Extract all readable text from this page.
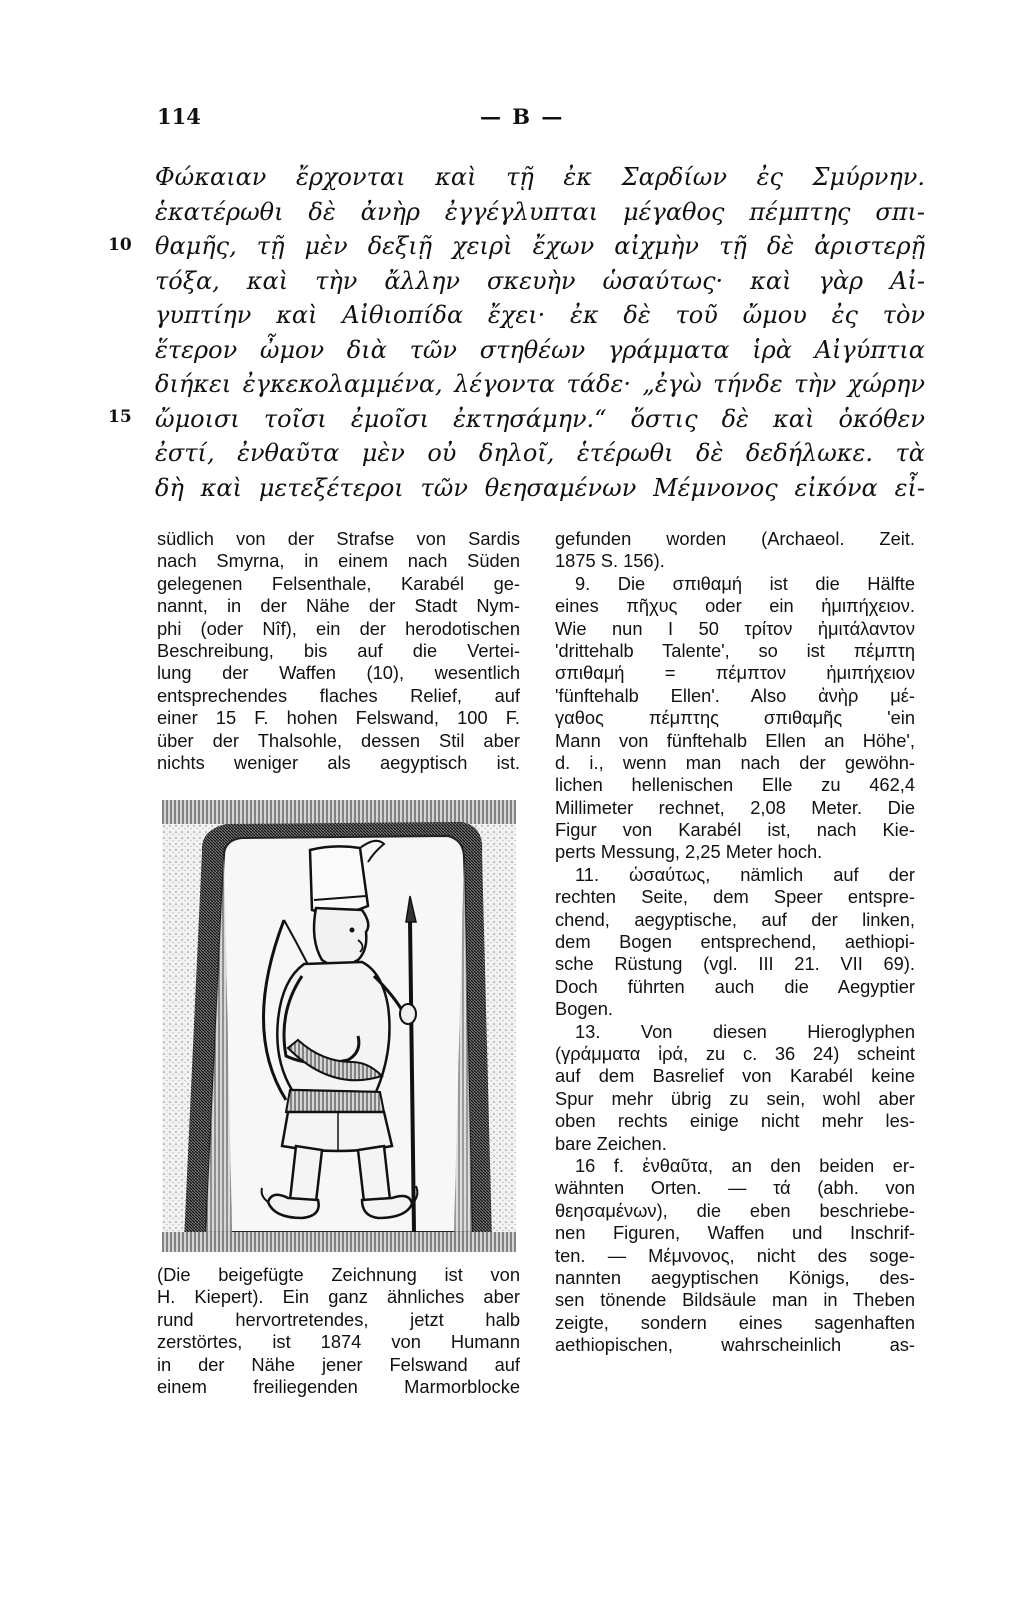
114	— B —
Φώκαιαν ἔρχονται καὶ τῇ ἐκ Σαρδίων ἐς Σμύρνην.
ἑκατέρωθι δὲ ἀνὴρ ἐγγέγλυπται μέγαθος πέμπτης σπι-
θαμῆς, τῇ μὲν δεξιῇ χειρὶ ἔχων αἰχμὴν τῇ δὲ ἀριστερῇ
τόξα, καὶ τὴν ἄλλην σκευὴν ὡσαύτως· καὶ γὰρ Αἰ-
γυπτίην καὶ Αἰθιοπίδα ἔχει· ἐκ δὲ τοῦ ὤμου ἐς τὸν
ἕτερον ὦμον διὰ τῶν στηθέων γράμματα ἱρὰ Αἰγύπτια
διήκει ἐγκεκολαμμένα, λέγοντα τάδε· „ἐγὼ τήνδε τὴν χώρην
ὤμοισι τοῖσι ἐμοῖσι ἐκτησάμην.“ ὅστις δὲ καὶ ὁκόθεν
ἐστί, ἐνθαῦτα μὲν οὐ δηλοῖ, ἑτέρωθι δὲ δεδήλωκε. τὰ
δὴ καὶ μετεξέτεροι τῶν θεησαμένων Μέμνονος εἰκόνα εἶ-
10
15
südlich von der Strafse von Sardis
nach Smyrna, in einem nach Süden
gelegenen Felsenthale, Karabél ge-
nannt, in der Nähe der Stadt Nym-
phi (oder Nîf), ein der herodotischen
Beschreibung, bis auf die Vertei-
lung der Waffen (10), wesentlich
entsprechendes flaches Relief, auf
einer 15 F. hohen Felswand, 100 F.
über der Thalsohle, dessen Stil aber
nichts weniger als aegyptisch ist.
(Die beigefügte Zeichnung ist von
H. Kiepert). Ein ganz ähnliches aber
rund hervortretendes, jetzt halb
zerstörtes, ist 1874 von Humann
in der Nähe jener Felswand auf
einem freiliegenden Marmorblocke
gefunden worden (Archaeol. Zeit.
1875 S. 156).
9. Die σπιθαμή ist die Hälfte
eines πῆχυς oder ein ἡμιπήχειον.
Wie nun I 50 τρίτον ἡμιτάλαντον
'drittehalb Talente', so ist πέμπτη
σπιθαμή = πέμπτον ἡμιπήχειον
'fünftehalb Ellen'. Also ἀνὴρ μέ-
γαθος πέμπτης σπιθαμῆς 'ein
Mann von fünftehalb Ellen an Höhe',
d. i., wenn man nach der gewöhn-
lichen hellenischen Elle zu 462,4
Millimeter rechnet, 2,08 Meter. Die
Figur von Karabél ist, nach Kie-
perts Messung, 2,25 Meter hoch.
11. ὡσαύτως, nämlich auf der
rechten Seite, dem Speer entspre-
chend, aegyptische, auf der linken,
dem Bogen entsprechend, aethiopi-
sche Rüstung (vgl. III 21. VII 69).
Doch führten auch die Aegyptier
Bogen.
13. Von diesen Hieroglyphen
(γράμματα ἱρά, zu c. 36 24) scheint
auf dem Basrelief von Karabél keine
Spur mehr übrig zu sein, wohl aber
oben rechts einige nicht mehr les-
bare Zeichen.
16 f. ἐνθαῦτα, an den beiden er-
wähnten Orten. — τά (abh. von
θεησαμένων), die eben beschriebe-
nen Figuren, Waffen und Inschrif-
ten. — Μέμνονος, nicht des soge-
nannten aegyptischen Königs, des-
sen tönende Bildsäule man in Theben
zeigte, sondern eines sagenhaften
aethiopischen, wahrscheinlich as-
